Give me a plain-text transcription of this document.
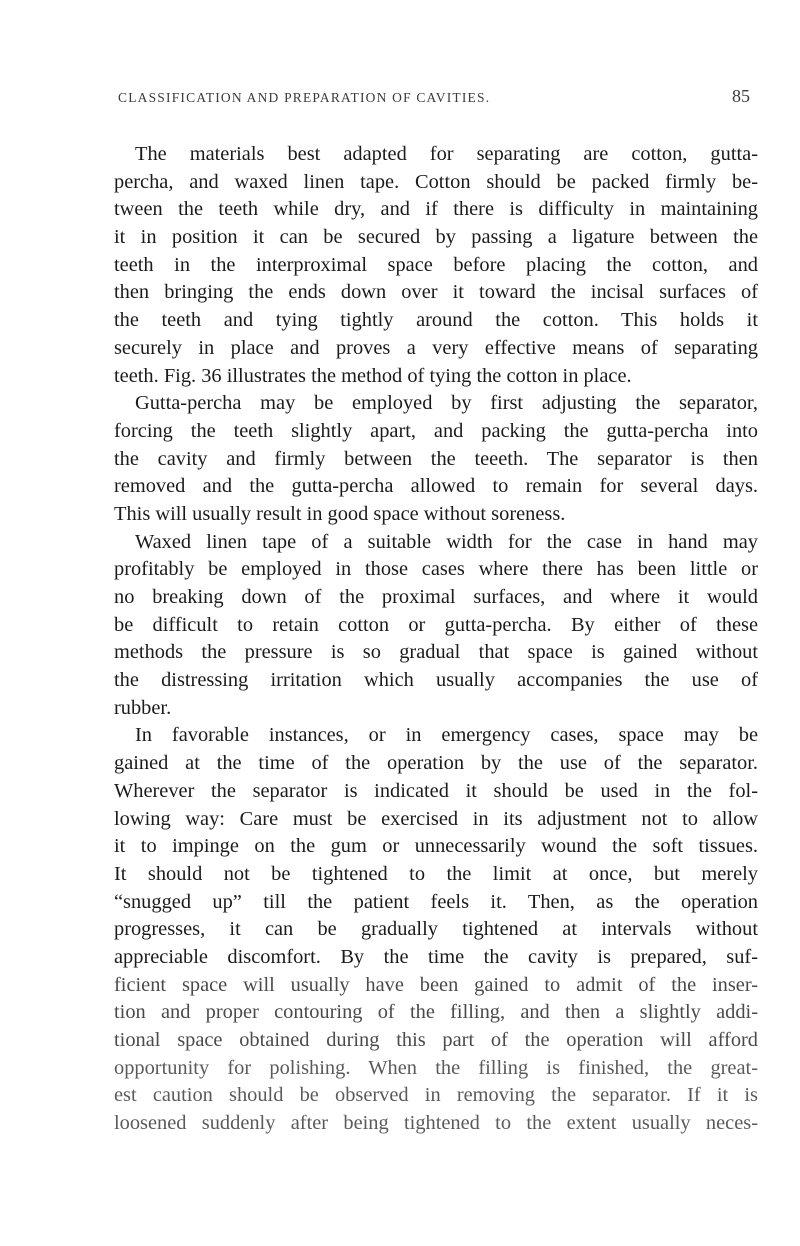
CLASSIFICATION AND PREPARATION OF CAVITIES.	85
The materials best adapted for separating are cotton, gutta-
percha, and waxed linen tape. Cotton should be packed firmly be-
tween the teeth while dry, and if there is difficulty in maintaining
it in position it can be secured by passing a ligature between the
teeth in the interproximal space before placing the cotton, and
then bringing the ends down over it toward the incisal surfaces of
the teeth and tying tightly around the cotton. This holds it
securely in place and proves a very effective means of separating
teeth. Fig. 36 illustrates the method of tying the cotton in place.
Gutta-percha may be employed by first adjusting the separator,
forcing the teeth slightly apart, and packing the gutta-percha into
the cavity and firmly between the teeeth. The separator is then
removed and the gutta-percha allowed to remain for several days.
This will usually result in good space without soreness.
Waxed linen tape of a suitable width for the case in hand may
profitably be employed in those cases where there has been little or
no breaking down of the proximal surfaces, and where it would
be difficult to retain cotton or gutta-percha. By either of these
methods the pressure is so gradual that space is gained without
the distressing irritation which usually accompanies the use of
rubber.
In favorable instances, or in emergency cases, space may be
gained at the time of the operation by the use of the separator.
Wherever the separator is indicated it should be used in the fol-
lowing way: Care must be exercised in its adjustment not to allow
it to impinge on the gum or unnecessarily wound the soft tissues.
It should not be tightened to the limit at once, but merely
“snugged up” till the patient feels it. Then, as the operation
progresses, it can be gradually tightened at intervals without
appreciable discomfort. By the time the cavity is prepared, suf-
ficient space will usually have been gained to admit of the inser-
tion and proper contouring of the filling, and then a slightly addi-
tional space obtained during this part of the operation will afford
opportunity for polishing. When the filling is finished, the great-
est caution should be observed in removing the separator. If it is
loosened suddenly after being tightened to the extent usually neces-
